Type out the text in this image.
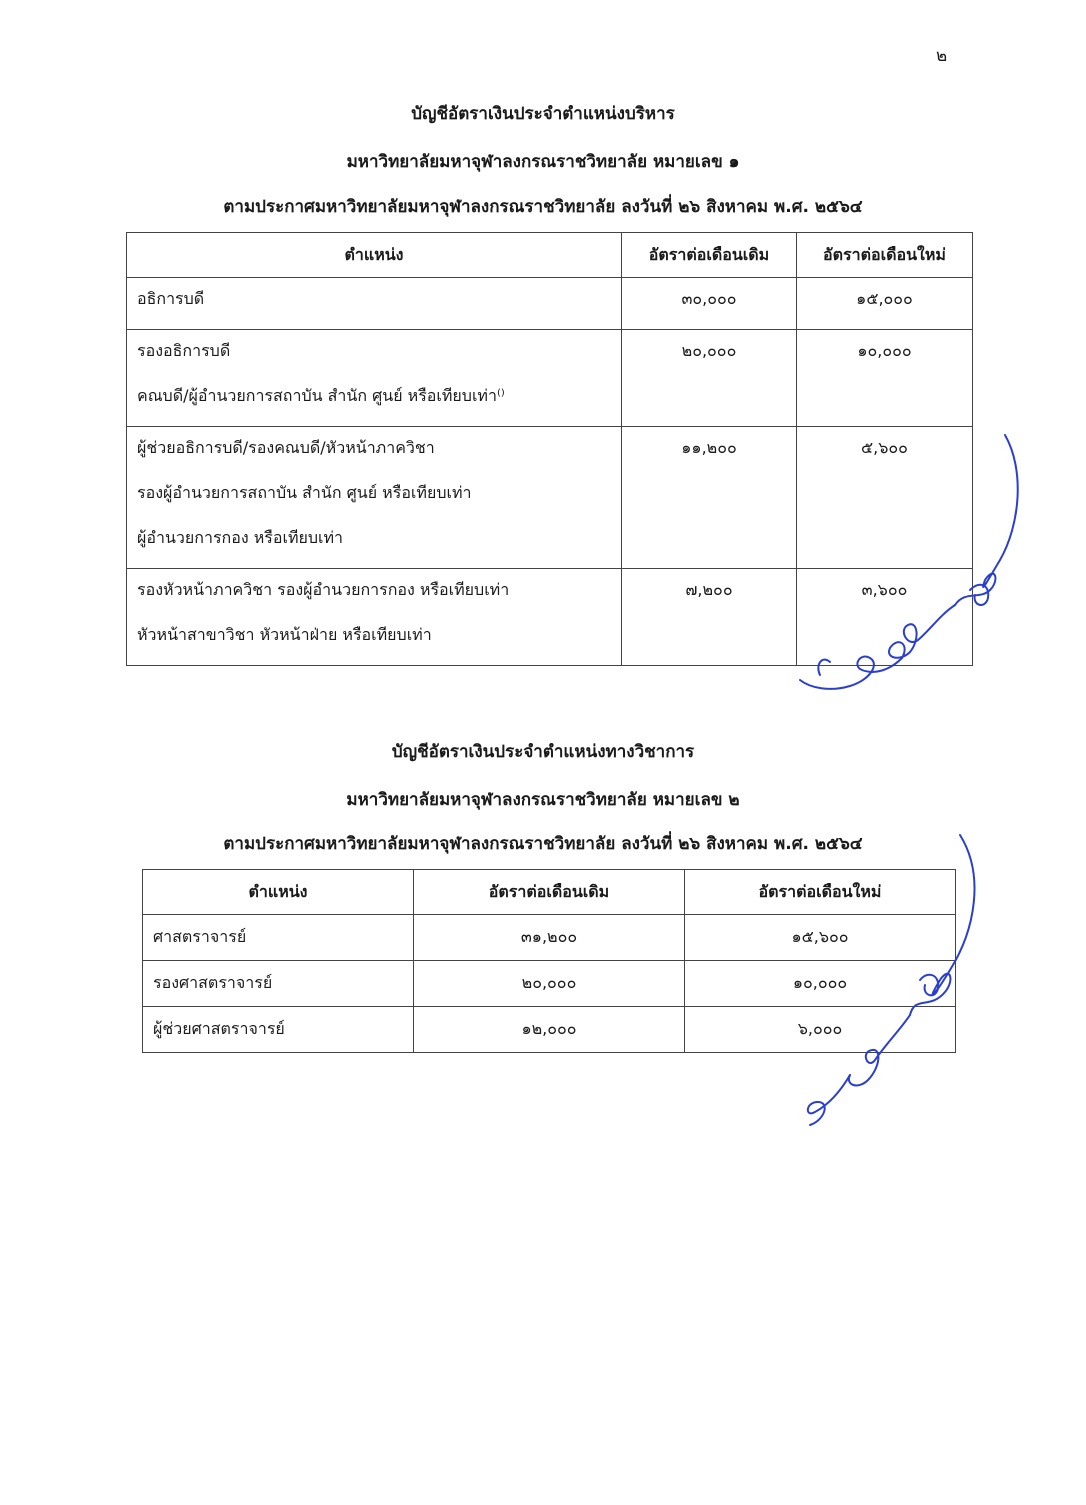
๒
บัญชีอัตราเงินประจำตำแหน่งบริหาร
มหาวิทยาลัยมหาจุฬาลงกรณราชวิทยาลัย หมายเลข ๑
ตามประกาศมหาวิทยาลัยมหาจุฬาลงกรณราชวิทยาลัย ลงวันที่ ๒๖ สิงหาคม พ.ศ. ๒๕๖๔
ตำแหน่ง	อัตราต่อเดือนเดิม	อัตราต่อเดือนใหม่

อธิการบดี	๓๐,๐๐๐	๑๕,๐๐๐

รองอธิการบดี
คณบดี/ผู้อำนวยการสถาบัน สำนัก ศูนย์ หรือเทียบเท่า⁽⁾	๒๐,๐๐๐	๑๐,๐๐๐

ผู้ช่วยอธิการบดี/รองคณบดี/หัวหน้าภาควิชา
รองผู้อำนวยการสถาบัน สำนัก ศูนย์ หรือเทียบเท่า
ผู้อำนวยการกอง หรือเทียบเท่า	๑๑,๒๐๐	๕,๖๐๐

รองหัวหน้าภาควิชา รองผู้อำนวยการกอง หรือเทียบเท่า
หัวหน้าสาขาวิชา หัวหน้าฝ่าย หรือเทียบเท่า	๗,๒๐๐	๓,๖๐๐
บัญชีอัตราเงินประจำตำแหน่งทางวิชาการ
มหาวิทยาลัยมหาจุฬาลงกรณราชวิทยาลัย หมายเลข ๒
ตามประกาศมหาวิทยาลัยมหาจุฬาลงกรณราชวิทยาลัย ลงวันที่ ๒๖ สิงหาคม พ.ศ. ๒๕๖๔
ตำแหน่ง	อัตราต่อเดือนเดิม	อัตราต่อเดือนใหม่
ศาสตราจารย์	๓๑,๒๐๐	๑๕,๖๐๐
รองศาสตราจารย์	๒๐,๐๐๐	๑๐,๐๐๐
ผู้ช่วยศาสตราจารย์	๑๒,๐๐๐	๖,๐๐๐
